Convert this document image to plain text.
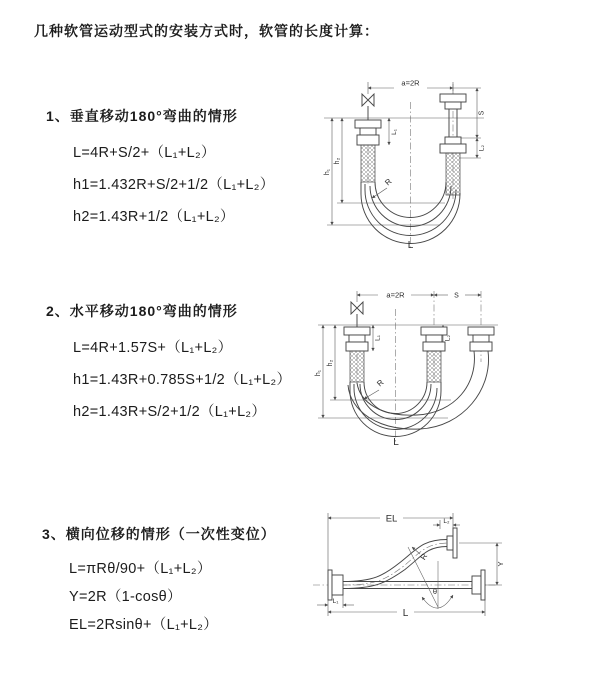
几种软管运动型式的安装方式时，软管的长度计算：
1、垂直移动180°弯曲的情形
L=4R+S/2+（L₁+L₂）
h1=1.432R+S/2+1/2（L₁+L₂）
h2=1.43R+1/2（L₁+L₂）
2、水平移动180°弯曲的情形
L=4R+1.57S+（L₁+L₂）
h1=1.43R+0.785S+1/2（L₁+L₂）
h2=1.43R+S/2+1/2（L₁+L₂）
3、横向位移的情形（一次性变位）
L=πRθ/90+（L₁+L₂）
Y=2R（1-cosθ）
EL=2Rsinθ+（L₁+L₂）
a=2R
h₁
h₂
L₁
S
L₂
R
L
a=2R	S
h₁
h₂
L₁	L₂
R
L
EL	L₂
Y
L₁
R
θ
L
